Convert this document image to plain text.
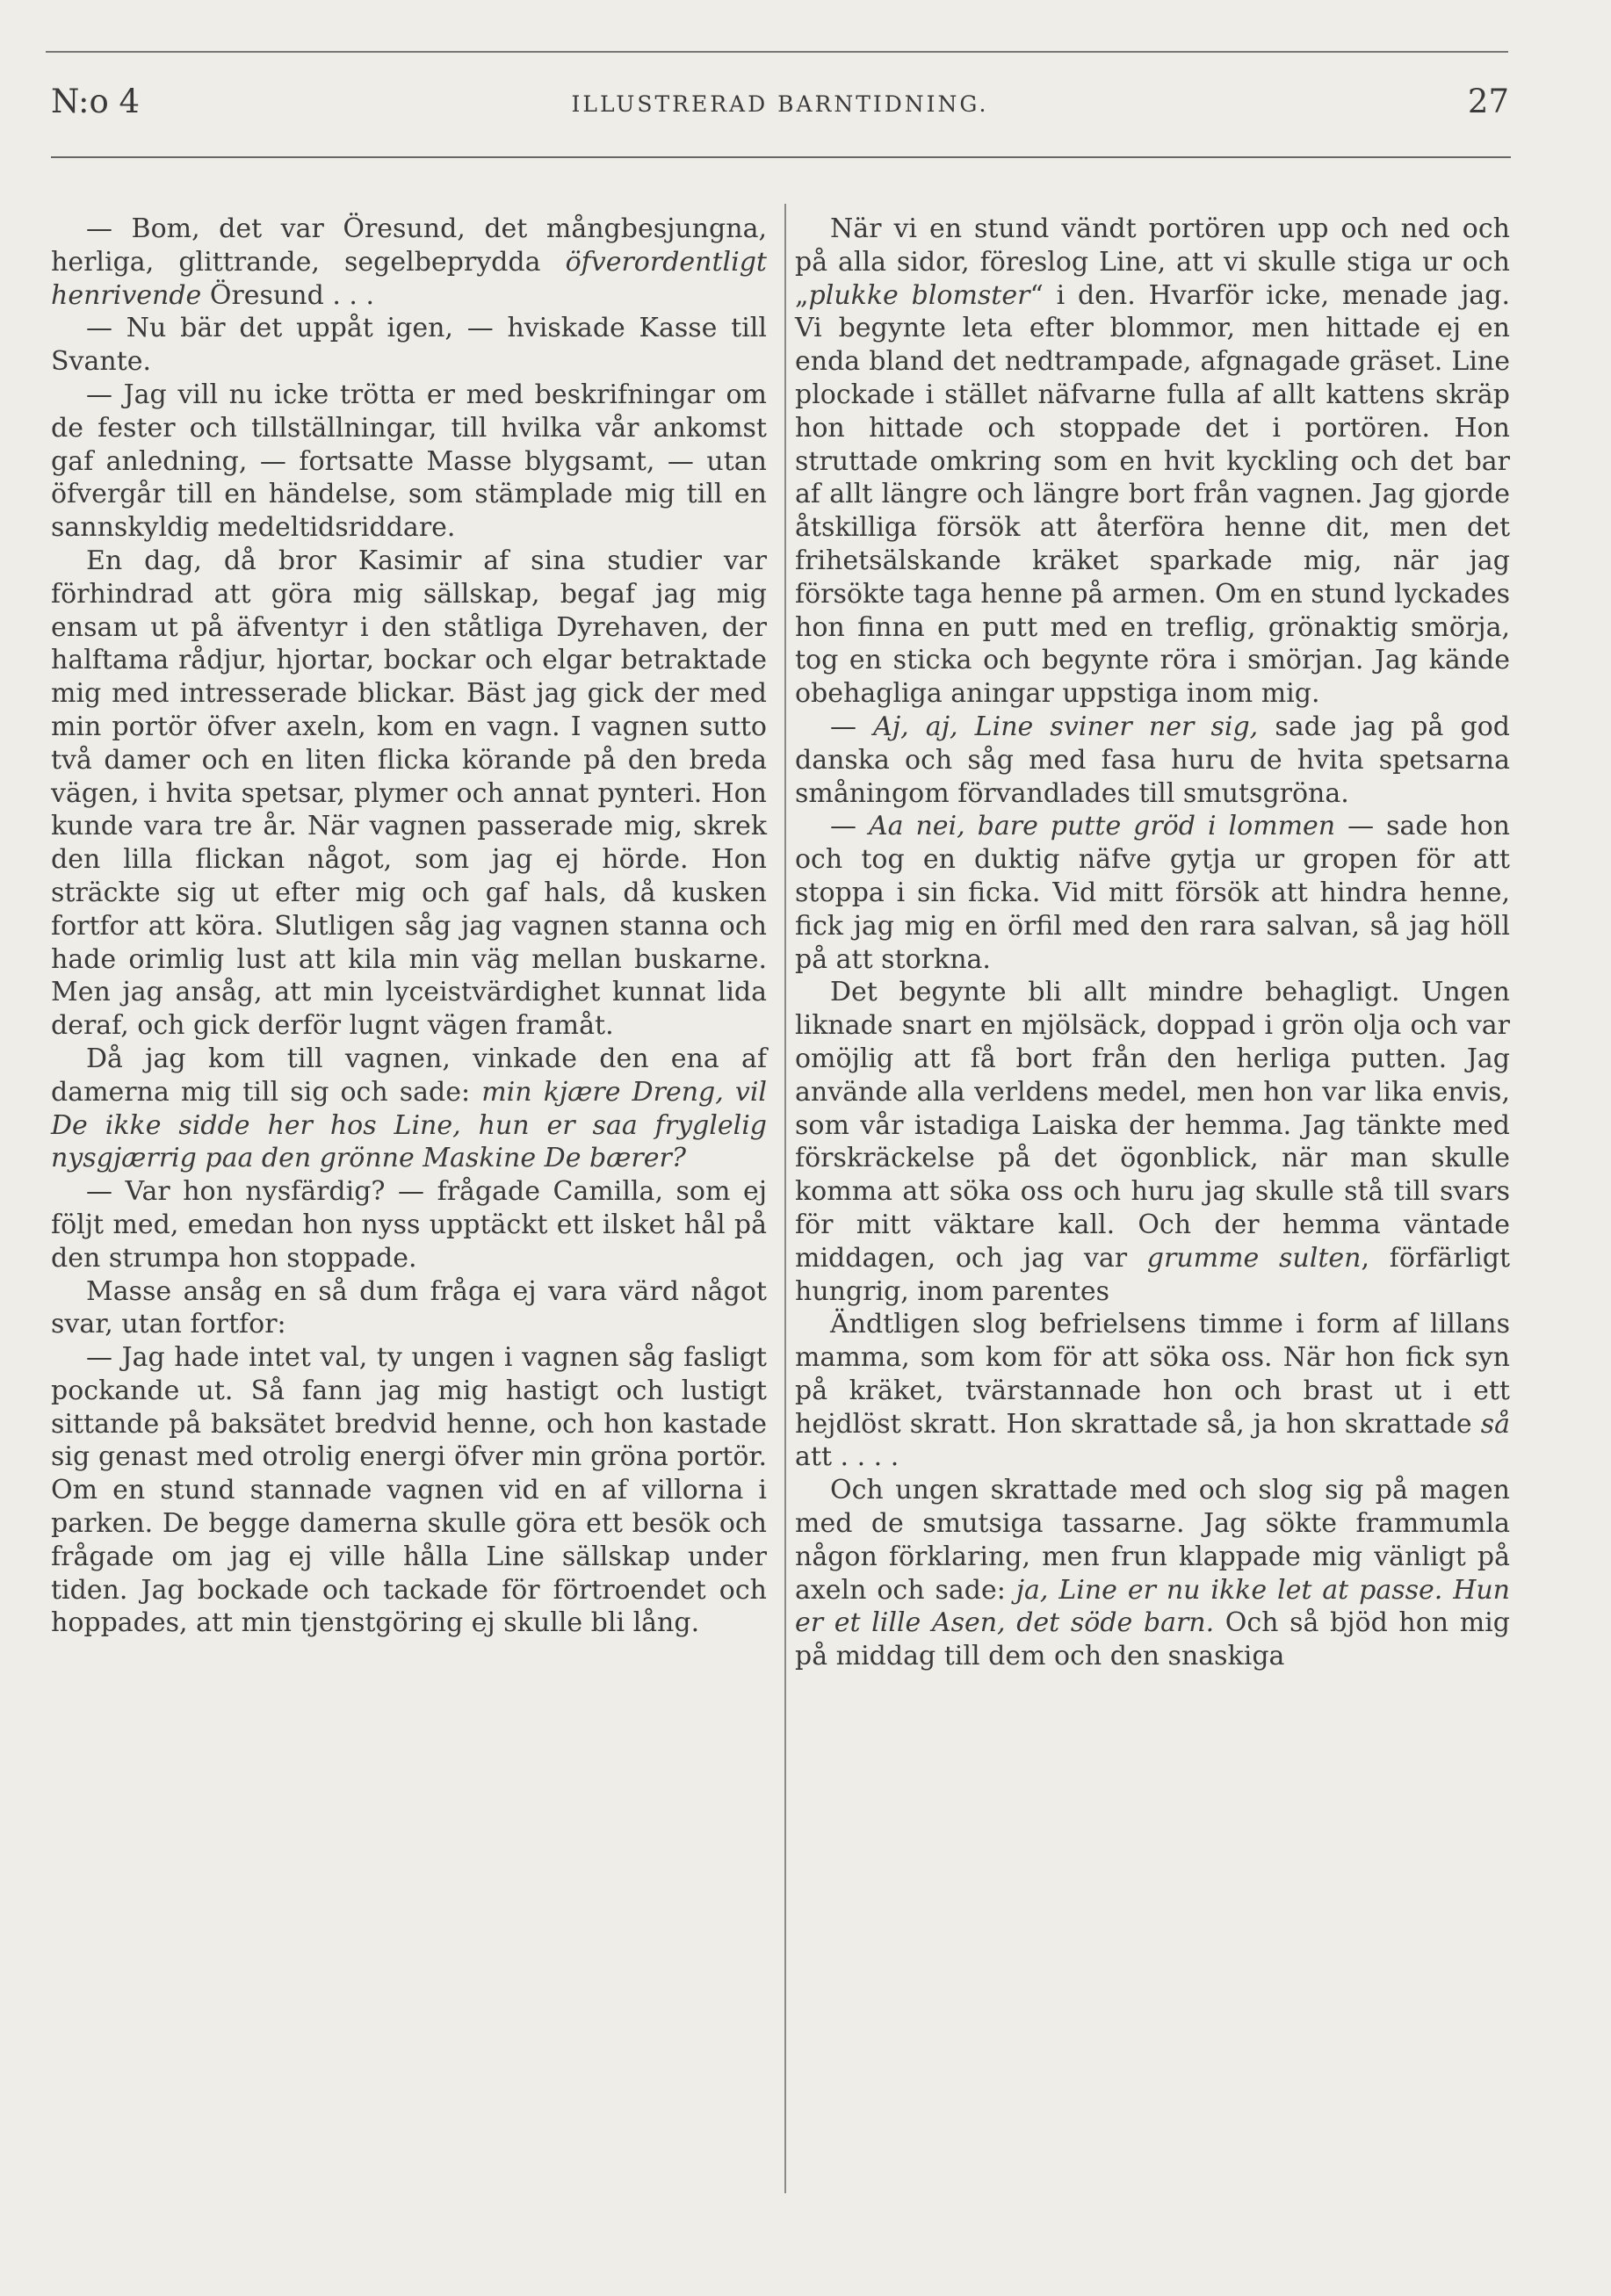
N:o 4	ILLUSTRERAD BARNTIDNING.	27

— Bom, det var Öresund, det mångbesjungna, herliga, glittrande, segelbeprydda öfverordentligt henrivende Öresund . . .

— Nu bär det uppåt igen, — hviskade Kasse till Svante.

— Jag vill nu icke trötta er med beskrifningar om de fester och tillställningar, till hvilka vår ankomst gaf anledning, — fortsatte Masse blygsamt, — utan öfvergår till en händelse, som stämplade mig till en sannskyldig medeltidsriddare.

En dag, då bror Kasimir af sina studier var förhindrad att göra mig sällskap, begaf jag mig ensam ut på äfventyr i den ståtliga Dyrehaven, der halftama rådjur, hjortar, bockar och elgar betraktade mig med intresserade blickar. Bäst jag gick der med min portör öfver axeln, kom en vagn. I vagnen sutto två damer och en liten flicka körande på den breda vägen, i hvita spetsar, plymer och annat pynteri. Hon kunde vara tre år. När vagnen passerade mig, skrek den lilla flickan något, som jag ej hörde. Hon sträckte sig ut efter mig och gaf hals, då kusken fortfor att köra. Slutligen såg jag vagnen stanna och hade orimlig lust att kila min väg mellan buskarne. Men jag ansåg, att min lyceistvärdighet kunnat lida deraf, och gick derför lugnt vägen framåt.

Då jag kom till vagnen, vinkade den ena af damerna mig till sig och sade: min kjære Dreng, vil De ikke sidde her hos Line, hun er saa fryglelig nysgjærrig paa den grönne Maskine De bærer?

— Var hon nysfärdig? — frågade Camilla, som ej följt med, emedan hon nyss upptäckt ett ilsket hål på den strumpa hon stoppade.

Masse ansåg en så dum fråga ej vara värd något svar, utan fortfor:

— Jag hade intet val, ty ungen i vagnen såg fasligt pockande ut. Så fann jag mig hastigt och lustigt sittande på baksätet bredvid henne, och hon kastade sig genast med otrolig energi öfver min gröna portör. Om en stund stannade vagnen vid en af villorna i parken. De begge damerna skulle göra ett besök och frågade om jag ej ville hålla Line sällskap under tiden. Jag bockade och tackade för förtroendet och hoppades, att min tjenstgöring ej skulle bli lång.

När vi en stund vändt portören upp och ned och på alla sidor, föreslog Line, att vi skulle stiga ur och „plukke blomster“ i den. Hvarför icke, menade jag. Vi begynte leta efter blommor, men hittade ej en enda bland det nedtrampade, afgnagade gräset. Line plockade i stället näfvarne fulla af allt kattens skräp hon hittade och stoppade det i portören. Hon struttade omkring som en hvit kyckling och det bar af allt längre och längre bort från vagnen. Jag gjorde åtskilliga försök att återföra henne dit, men det frihetsälskande kräket sparkade mig, när jag försökte taga henne på armen. Om en stund lyckades hon finna en putt med en treflig, grönaktig smörja, tog en sticka och begynte röra i smörjan. Jag kände obehagliga aningar uppstiga inom mig.

— Aj, aj, Line sviner ner sig, sade jag på god danska och såg med fasa huru de hvita spetsarna småningom förvandlades till smutsgröna.

— Aa nei, bare putte gröd i lommen — sade hon och tog en duktig näfve gytja ur gropen för att stoppa i sin ficka. Vid mitt försök att hindra henne, fick jag mig en örfil med den rara salvan, så jag höll på att storkna.

Det begynte bli allt mindre behagligt. Ungen liknade snart en mjölsäck, doppad i grön olja och var omöjlig att få bort från den herliga putten. Jag använde alla verldens medel, men hon var lika envis, som vår istadiga Laiska der hemma. Jag tänkte med förskräckelse på det ögonblick, när man skulle komma att söka oss och huru jag skulle stå till svars för mitt väktare kall. Och der hemma väntade middagen, och jag var grumme sulten, förfärligt hungrig, inom parentes

Ändtligen slog befrielsens timme i form af lillans mamma, som kom för att söka oss. När hon fick syn på kräket, tvärstannade hon och brast ut i ett hejdlöst skratt. Hon skrattade så, ja hon skrattade så att . . . .

Och ungen skrattade med och slog sig på magen med de smutsiga tassarne. Jag sökte frammumla någon förklaring, men frun klappade mig vänligt på axeln och sade: ja, Line er nu ikke let at passe. Hun er et lille Asen, det söde barn. Och så bjöd hon mig på middag till dem och den snaskiga
